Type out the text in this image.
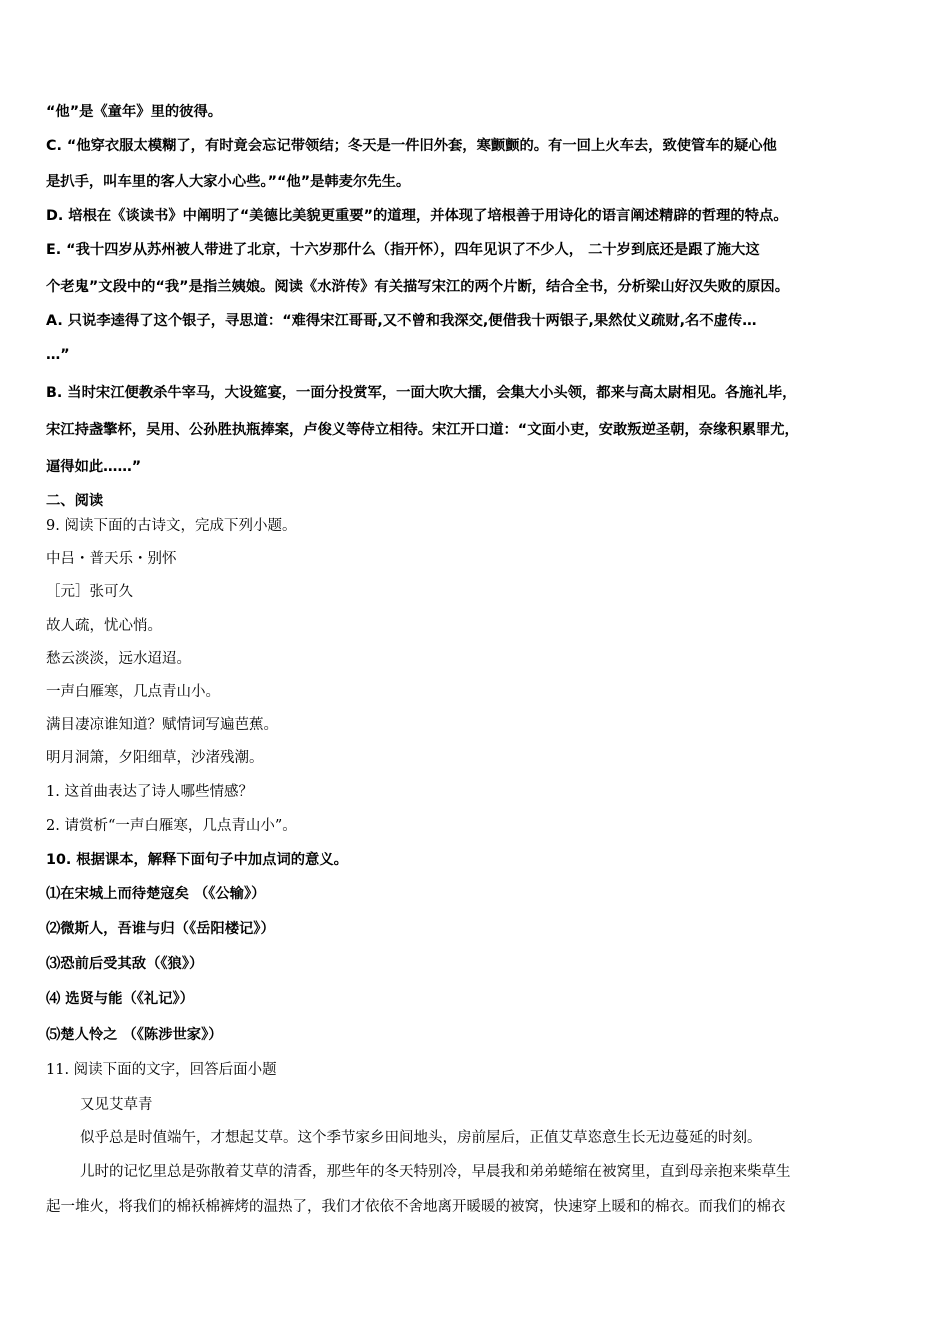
“他”是《童年》里的彼得。
C. “他穿衣服太模糊了，有时竟会忘记带领结；冬天是一件旧外套，寒颤颤的。有一回上火车去，致使管车的疑心他
是扒手，叫车里的客人大家小心些。”“他”是韩麦尔先生。
D. 培根在《谈读书》中阐明了“美德比美貌更重要”的道理，并体现了培根善于用诗化的语言阐述精辟的哲理的特点。
E. “我十四岁从苏州被人带进了北京，十六岁那什么（指开怀），四年见识了不少人， 二十岁到底还是跟了施大这
个老鬼”文段中的“我”是指兰姨娘。阅读《水浒传》有关描写宋江的两个片断，结合全书，分析梁山好汉失败的原因。
A. 只说李逵得了这个银子，寻思道：“难得宋江哥哥,又不曾和我深交,便借我十两银子,果然仗义疏财,名不虚传…
…”
B. 当时宋江便教杀牛宰马，大设筵宴，一面分投赏军，一面大吹大擂，会集大小头领，都来与高太尉相见。各施礼毕，
宋江持盏擎杯，吴用、公孙胜执瓶捧案，卢俊义等侍立相待。宋江开口道：“文面小吏，安敢叛逆圣朝，奈缘积累罪尤，
逼得如此……”
二、阅读
9. 阅读下面的古诗文，完成下列小题。
中吕・普天乐・别怀
［元］张可久
故人疏，忧心悄。
愁云淡淡，远水迢迢。
一声白雁寒，几点青山小。
满目凄凉谁知道？赋情词写遍芭蕉。
明月洞箫，夕阳细草，沙渚残潮。
1. 这首曲表达了诗人哪些情感？
2. 请赏析“一声白雁寒，几点青山小”。
10. 根据课本，解释下面句子中加点词的意义。
⑴在宋城上而待楚寇矣 （《公输》）
⑵微斯人，吾谁与归（《岳阳楼记》）
⑶恐前后受其敌（《狼》）
⑷ 选贤与能（《礼记》）
⑸楚人怜之 （《陈涉世家》）
11. 阅读下面的文字，回答后面小题
又见艾草青
似乎总是时值端午，才想起艾草。这个季节家乡田间地头，房前屋后，正值艾草恣意生长无边蔓延的时刻。
儿时的记忆里总是弥散着艾草的清香，那些年的冬天特别冷，早晨我和弟弟蜷缩在被窝里，直到母亲抱来柴草生
起一堆火，将我们的棉袄棉裤烤的温热了，我们才依依不舍地离开暖暖的被窝，快速穿上暖和的棉衣。而我们的棉衣
